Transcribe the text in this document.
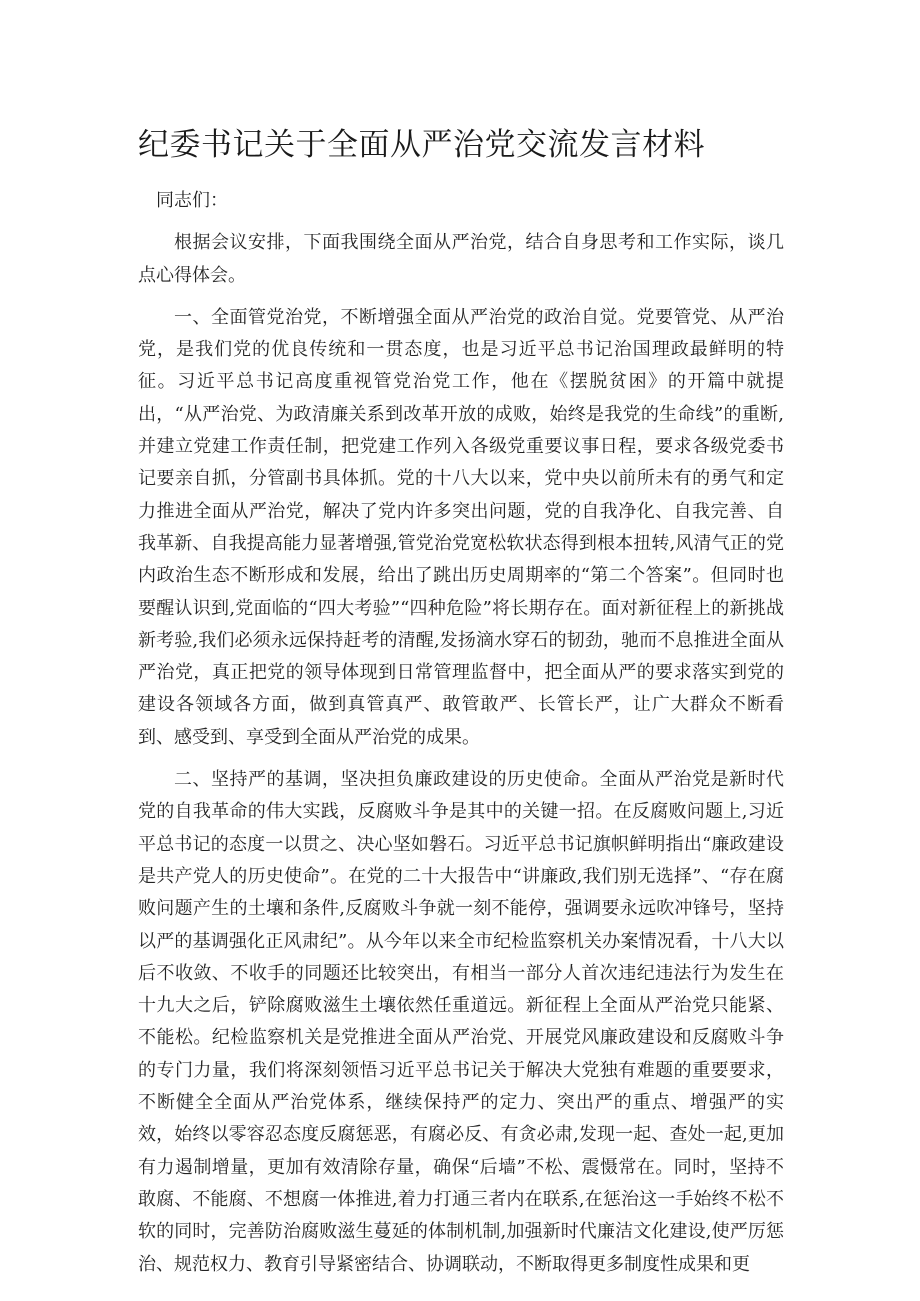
纪委书记关于全面从严治党交流发言材料

同志们：

根据会议安排，下面我围绕全面从严治党，结合自身思考和工作实际，谈几点心得体会。

一、全面管党治党，不断增强全面从严治党的政治自觉。党要管党、从严治党，是我们党的优良传统和一贯态度，也是习近平总书记治国理政最鲜明的特征。习近平总书记高度重视管党治党工作，他在《摆脱贫困》的开篇中就提出，“从严治党、为政清廉关系到改革开放的成败，始终是我党的生命线”的重断,并建立党建工作责任制，把党建工作列入各级党重要议事日程，要求各级党委书记要亲自抓，分管副书具体抓。党的十八大以来，党中央以前所未有的勇气和定力推进全面从严治党，解决了党内许多突出问题，党的自我净化、自我完善、自我革新、自我提高能力显著增强,管党治党宽松软状态得到根本扭转,风清气正的党内政治生态不断形成和发展，给出了跳出历史周期率的“第二个答案”。但同时也要醒认识到,党面临的“四大考验”“四种危险”将长期存在。面对新征程上的新挑战新考验,我们必须永远保持赶考的清醒,发扬滴水穿石的韧劲，驰而不息推进全面从严治党，真正把党的领导体现到日常管理监督中，把全面从严的要求落实到党的建设各领域各方面，做到真管真严、敢管敢严、长管长严，让广大群众不断看到、感受到、享受到全面从严治党的成果。

二、坚持严的基调，坚决担负廉政建设的历史使命。全面从严治党是新时代党的自我革命的伟大实践，反腐败斗争是其中的关键一招。在反腐败问题上,习近平总书记的态度一以贯之、决心坚如磐石。习近平总书记旗帜鲜明指出“廉政建设是共产党人的历史使命”。在党的二十大报告中“讲廉政,我们别无选择”、“存在腐败问题产生的土壤和条件,反腐败斗争就一刻不能停，强调要永远吹冲锋号，坚持以严的基调强化正风肃纪”。从今年以来全市纪检监察机关办案情况看，十八大以后不收敛、不收手的同题还比较突出，有相当一部分人首次违纪违法行为发生在十九大之后，铲除腐败滋生土壤依然任重道远。新征程上全面从严治党只能紧、不能松。纪检监察机关是党推进全面从严治党、开展党风廉政建设和反腐败斗争的专门力量，我们将深刻领悟习近平总书记关于解决大党独有难题的重要要求，不断健全全面从严治党体系，继续保持严的定力、突出严的重点、增强严的实效，始终以零容忍态度反腐惩恶，有腐必反、有贪必肃,发现一起、查处一起,更加有力遏制增量，更加有效清除存量，确保“后墙”不松、震慑常在。同时，坚持不敢腐、不能腐、不想腐一体推进,着力打通三者内在联系,在惩治这一手始终不松不软的同时，完善防治腐败滋生蔓延的体制机制,加强新时代廉洁文化建设,使严厉惩治、规范权力、教育引导紧密结合、协调联动，不断取得更多制度性成果和更
